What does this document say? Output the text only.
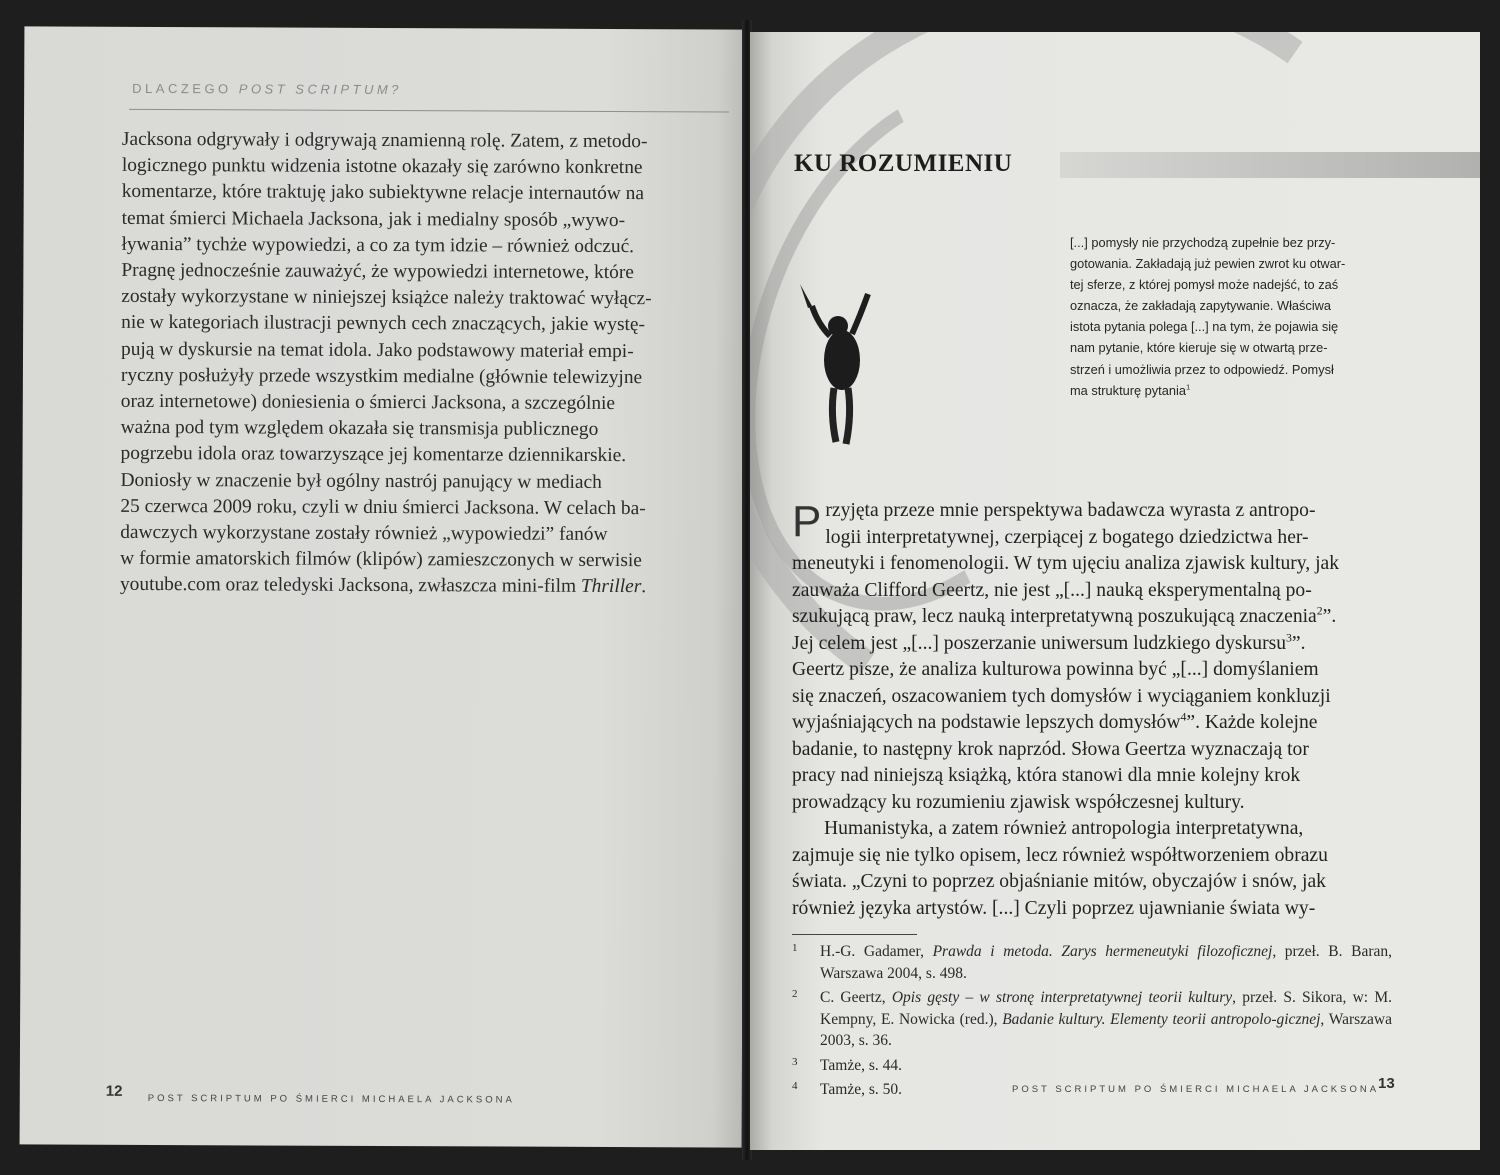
DLACZEGO POST SCRIPTUM?

Jacksona odgrywały i odgrywają znamienną rolę. Zatem, z metodo-
logicznego punktu widzenia istotne okazały się zarówno konkretne
komentarze, które traktuję jako subiektywne relacje internautów na
temat śmierci Michaela Jacksona, jak i medialny sposób „wywo-
ływania” tychże wypowiedzi, a co za tym idzie – również odczuć.
Pragnę jednocześnie zauważyć, że wypowiedzi internetowe, które
zostały wykorzystane w niniejszej książce należy traktować wyłącz-
nie w kategoriach ilustracji pewnych cech znaczących, jakie wystę-
pują w dyskursie na temat idola. Jako podstawowy materiał empi-
ryczny posłużyły przede wszystkim medialne (głównie telewizyjne
oraz internetowe) doniesienia o śmierci Jacksona, a szczególnie
ważna pod tym względem okazała się transmisja publicznego
pogrzebu idola oraz towarzyszące jej komentarze dziennikarskie.
Doniosły w znaczenie był ogólny nastrój panujący w mediach
25 czerwca 2009 roku, czyli w dniu śmierci Jacksona. W celach ba-
dawczych wykorzystane zostały również „wypowiedzi” fanów
w formie amatorskich filmów (klipów) zamieszczonych w serwisie

youtube.com oraz teledyski Jacksona, zwłaszcza mini-film Thriller.

12	POST SCRIPTUM PO ŚMIERCI MICHAELA JACKSONA
KU ROZUMIENIU
[...] pomysły nie przychodzą zupełnie bez przy-
gotowania. Zakładają już pewien zwrot ku otwar-
tej sferze, z której pomysł może nadejść, to zaś
oznacza, że zakładają zapytywanie. Właściwa
istota pytania polega [...] na tym, że pojawia się
nam pytanie, które kieruje się w otwartą prze-
strzeń i umożliwia przez to odpowiedź. Pomysł

ma strukturę pytania$^1$

Przyjęta przeze mnie perspektywa badawcza wyrasta z antropo-
logii interpretatywnej, czerpiącej z bogatego dziedzictwa her-
meneutyki i fenomenologii. W tym ujęciu analiza zjawisk kultury, jak
zauważa Clifford Geertz, nie jest „[...] nauką eksperymentalną po-
szukującą praw, lecz nauką interpretatywną poszukującą znaczenia$^2$”.
Jej celem jest „[...] poszerzanie uniwersum ludzkiego dyskursu$^3$”.
Geertz pisze, że analiza kulturowa powinna być „[...] domyślaniem
się znaczeń, oszacowaniem tych domysłów i wyciąganiem konkluzji
wyjaśniających na podstawie lepszych domysłów$^4$”. Każde kolejne
badanie, to następny krok naprzód. Słowa Geertza wyznaczają tor
pracy nad niniejszą książką, która stanowi dla mnie kolejny krok
prowadzący ku rozumieniu zjawisk współczesnej kultury.

Humanistyka, a zatem również antropologia interpretatywna,
zajmuje się nie tylko opisem, lecz również współtworzeniem obrazu
świata. „Czyni to poprzez objaśnianie mitów, obyczajów i snów, jak
również języka artystów. [...] Czyli poprzez ujawnianie świata wy-

1	H.-G. Gadamer, Prawda i metoda. Zarys hermeneutyki filozoficznej, przeł. B. Baran, Warszawa 2004, s. 498.
2	C. Geertz, Opis gęsty – w stronę interpretatywnej teorii kultury, przeł. S. Sikora, w: M. Kempny, E. Nowicka (red.), Badanie kultury. Elementy teorii antropolo-gicznej, Warszawa 2003, s. 36.
3	Tamże, s. 44.
4	Tamże, s. 50.	POST SCRIPTUM PO ŚMIERCI MICHAELA JACKSONA
13
